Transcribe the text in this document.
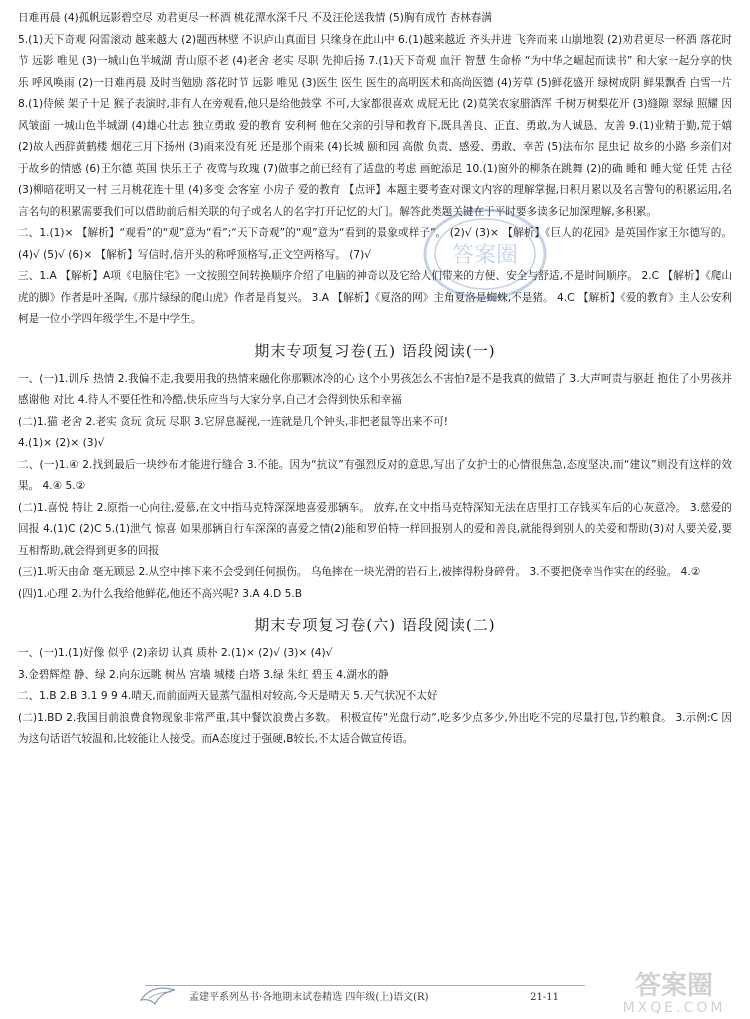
日难再晨 (4)孤帆远影碧空尽 劝君更尽一杯酒 桃花潭水深千尺 不及汪伦送我情 (5)胸有成竹 杏林春满

5.(1)天下奇观 闷雷滚动 越来越大 (2)题西林壁 不识庐山真面目 只缘身在此山中 6.(1)越来越近 齐头并进 飞奔而来 山崩地裂 (2)劝君更尽一杯酒 落花时节 远影 唯见 (3)一城山色半城湖 青山原不老 (4)老舍 老实 尽职 先抑后扬 7.(1)天下奇观 血汗 智慧 生命桥 “为中华之崛起而读书” 和大家一起分享的快乐 呼风唤雨 (2)一日难再晨 及时当勉励 落花时节 远影 唯见 (3)医生 医生 医生的高明医术和高尚医德 (4)芳草 (5)鲜花盛开 绿树成阴 鲜果飘香 白雪一片 8.(1)侍候 架子十足 猴子表演时,非有人在旁观看,他只是给他鼓掌 不可,大家都很喜欢 成屁无比 (2)莫笑农家腊酒浑 千树万树梨花开 (3)缝隙 翠绿 照耀 因风皱面 一城山色半城湖 (4)雄心壮志 独立勇敢 爱的教育 安利柯 他在父亲的引导和教育下,既具善良、正直、勇敢,为人诚恳、友善 9.(1)业精于勤,荒于嬉 (2)故人西辞黄鹤楼 烟花三月下扬州 (3)雨来没有死 还是那个雨来 (4)长城 颐和园 高傲 负责、感爱、勇敢、幸苦 (5)法布尔 昆虫记 故乡的小路 乡亲们对于故乡的情感 (6)王尔德 英国 快乐王子 夜莺与玫瑰 (7)做事之前已经有了适盘的考虑 画蛇添足 10.(1)窗外的柳条在跳舞 (2)的确 睡和 睡大觉 任凭 古径 (3)柳暗花明又一村 三月桃花连十里 (4)多变 会客室 小房子 爱的教育 【点评】本题主要考查对课文内容的理解掌握,日积月累以及名言警句的积累运用,名言名句的积累需要我们可以借助前后相关联的句子或名人的名字打开记忆的大门。解答此类题关键在于平时要多读多记加深理解,多积累。

二、1.(1)× 【解析】“观看”的“观”意为“看”;“天下奇观”的“观”意为“看到的景象或样子”。 (2)√ (3)× 【解析】《巨人的花园》是英国作家王尔德写的。 (4)√ (5)√ (6)× 【解析】写信时,信开头的称呼顶格写,正文空两格写。 (7)√

三、1.A 【解析】A项《电脑住宅》一文按照空间转换顺序介绍了电脑的神奇以及它给人们带来的方便、安全与舒适,不是时间顺序。 2.C 【解析】《爬山虎的脚》作者是叶圣陶,《那片绿绿的爬山虎》作者是肖复兴。 3.A 【解析】《夏洛的网》主角夏洛是蜘蛛,不是猪。 4.C 【解析】《爱的教育》主人公安利柯是一位小学四年级学生,不是中学生。

期末专项复习卷(五) 语段阅读(一)

一、(一)1.训斥 热情 2.我偏不走,我要用我的热情来融化你那颗冰冷的心 这个小男孩怎么不害怕?是不是我真的做错了 3.大声呵责与驱赶 抱住了小男孩并感谢他 对比 4.待人不要任性和冷酷,快乐应当与大家分享,自己才会得到快乐和幸福

(二)1.猫 老舍 2.老实 贪玩 贪玩 尽职 3.它屏息凝视,一连就是几个钟头,非把老鼠等出来不可!

4.(1)× (2)× (3)√

二、(一)1.④ 2.找到最后一块纱布才能进行缝合 3.不能。因为“抗议”有强烈反对的意思,写出了女护士的心情很焦急,态度坚决,而“建议”则没有这样的效果。 4.④ 5.②

(二)1.喜悦 特让 2.原指一心向往,爱慕,在文中指马克特深深地喜爱那辆车。 放弃,在文中指马克特深知无法在店里打工存钱买车后的心灰意冷。 3.慈爱的回报 4.(1)C (2)C 5.(1)泄气 惊喜 如果那辆自行车深深的喜爱之情(2)能和罗伯特一样回报别人的爱和善良,就能得到别人的关爱和帮助(3)对人要关爱,要互相帮助,就会得到更多的回报

(三)1.听天由命 毫无顾忌 2.从空中摔下来不会受到任何损伤。 乌龟摔在一块光滑的岩石上,被摔得粉身碎骨。 3.不要把侥幸当作实在的经验。 4.②

(四)1.心理 2.为什么我给他鲜花,他还不高兴呢? 3.A 4.D 5.B

期末专项复习卷(六) 语段阅读(二)

一、(一)1.(1)好像 似乎 (2)亲切 认真 质朴 2.(1)× (2)√ (3)× (4)√

3.金碧辉煌 静、绿 2.向东远眺 树丛 宫墙 城楼 白塔 3.绿 朱红 碧玉 4.湖水的静

二、1.B 2.B 3.1 9 9 4.晴天,而前面两天显蒸气温相对较高,今天是晴天 5.天气状况不太好

(二)1.BD 2.我国目前浪费食物现象非常严重,其中餐饮浪费占多数。 积极宣传“光盘行动”,吃多少点多少,外出吃不完的尽量打包,节约粮食。 3.示例:C 因为这句话语气较温和,比较能让人接受。而A态度过于强硬,B较长,不太适合做宣传语。

答案圈
孟建平系列丛书·各地期末试卷精选 四年级(上)语文(R)	21-11	答案圈
MXQE.COM
